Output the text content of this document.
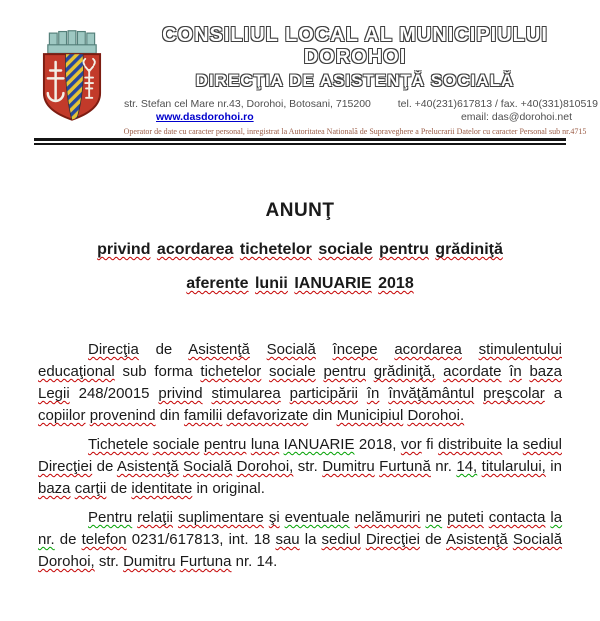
CONSILIUL LOCAL AL MUNICIPIULUI DOROHOI
DIRECŢIA DE ASISTENŢĂ SOCIALĂ
str. Stefan cel Mare nr.43, Dorohoi, Botosani, 715200	tel. +40(231)617813 / fax. +40(331)810519
www.dasdorohoi.ro	email: das@dorohoi.net
Operator de date cu caracter personal, inregistrat la Autoritatea Natională de Supraveghere a Prelucrarii Datelor cu caracter Personal sub nr.4715
ANUNŢ
privind acordarea tichetelor sociale pentru grădiniţă
aferente lunii IANUARIE 2018

Direcţia de Asistenţă Socială începe acordarea stimulentului educaţional sub forma tichetelor sociale pentru grădiniţă, acordate în baza Legii 248/20015 privind stimularea participării în învăţământul preşcolar a copiilor provenind din familii defavorizate din Municipiul Dorohoi.

Tichetele sociale pentru luna IANUARIE 2018, vor fi distribuite la sediul Direcţiei de Asistenţă Socială Dorohoi, str. Dumitru Furtună nr. 14, titularului, in baza carţii de identitate in original.

Pentru relaţii suplimentare şi eventuale nelămuriri ne puteti contacta la nr. de telefon 0231/617813, int. 18 sau la sediul Direcţiei de Asistenţă Socială Dorohoi, str. Dumitru Furtuna nr. 14.
